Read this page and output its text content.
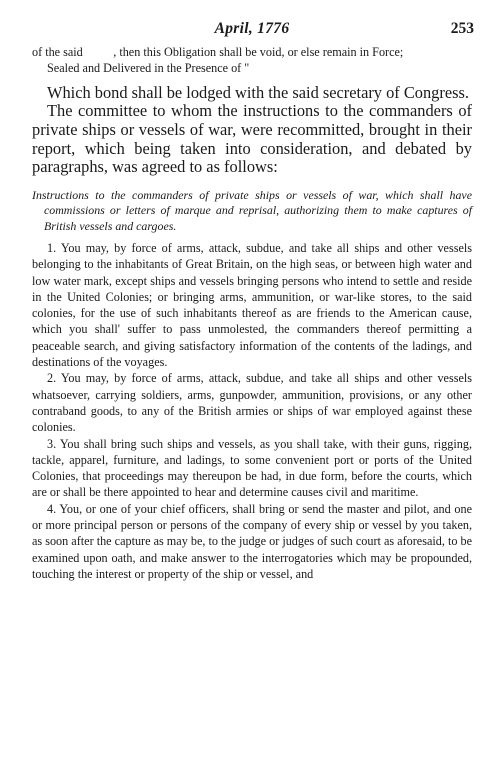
April, 1776	253

of the said          , then this Obligation shall be void, or else remain in Force;

Sealed and Delivered in the Presence of "

Which bond shall be lodged with the said secretary of Congress.

The committee to whom the instructions to the commanders of private ships or vessels of war, were recommitted, brought in their report, which being taken into consideration, and debated by paragraphs, was agreed to as follows:

Instructions to the commanders of private ships or vessels of war, which shall have commissions or letters of marque and reprisal, authorizing them to make captures of British vessels and cargoes.

1. You may, by force of arms, attack, subdue, and take all ships and other vessels belonging to the inhabitants of Great Britain, on the high seas, or between high water and low water mark, except ships and vessels bringing persons who intend to settle and reside in the United Colonies; or bringing arms, ammunition, or war-like stores, to the said colonies, for the use of such inhabitants thereof as are friends to the American cause, which you shall' suffer to pass unmolested, the commanders thereof permitting a peaceable search, and giving satisfactory information of the contents of the ladings, and destinations of the voyages.

2. You may, by force of arms, attack, subdue, and take all ships and other vessels whatsoever, carrying soldiers, arms, gunpowder, ammunition, provisions, or any other contraband goods, to any of the British armies or ships of war employed against these colonies.

3. You shall bring such ships and vessels, as you shall take, with their guns, rigging, tackle, apparel, furniture, and ladings, to some convenient port or ports of the United Colonies, that proceedings may thereupon be had, in due form, before the courts, which are or shall be there appointed to hear and determine causes civil and maritime.

4. You, or one of your chief officers, shall bring or send the master and pilot, and one or more principal person or persons of the company of every ship or vessel by you taken, as soon after the capture as may be, to the judge or judges of such court as aforesaid, to be examined upon oath, and make answer to the interrogatories which may be propounded, touching the interest or property of the ship or vessel, and
